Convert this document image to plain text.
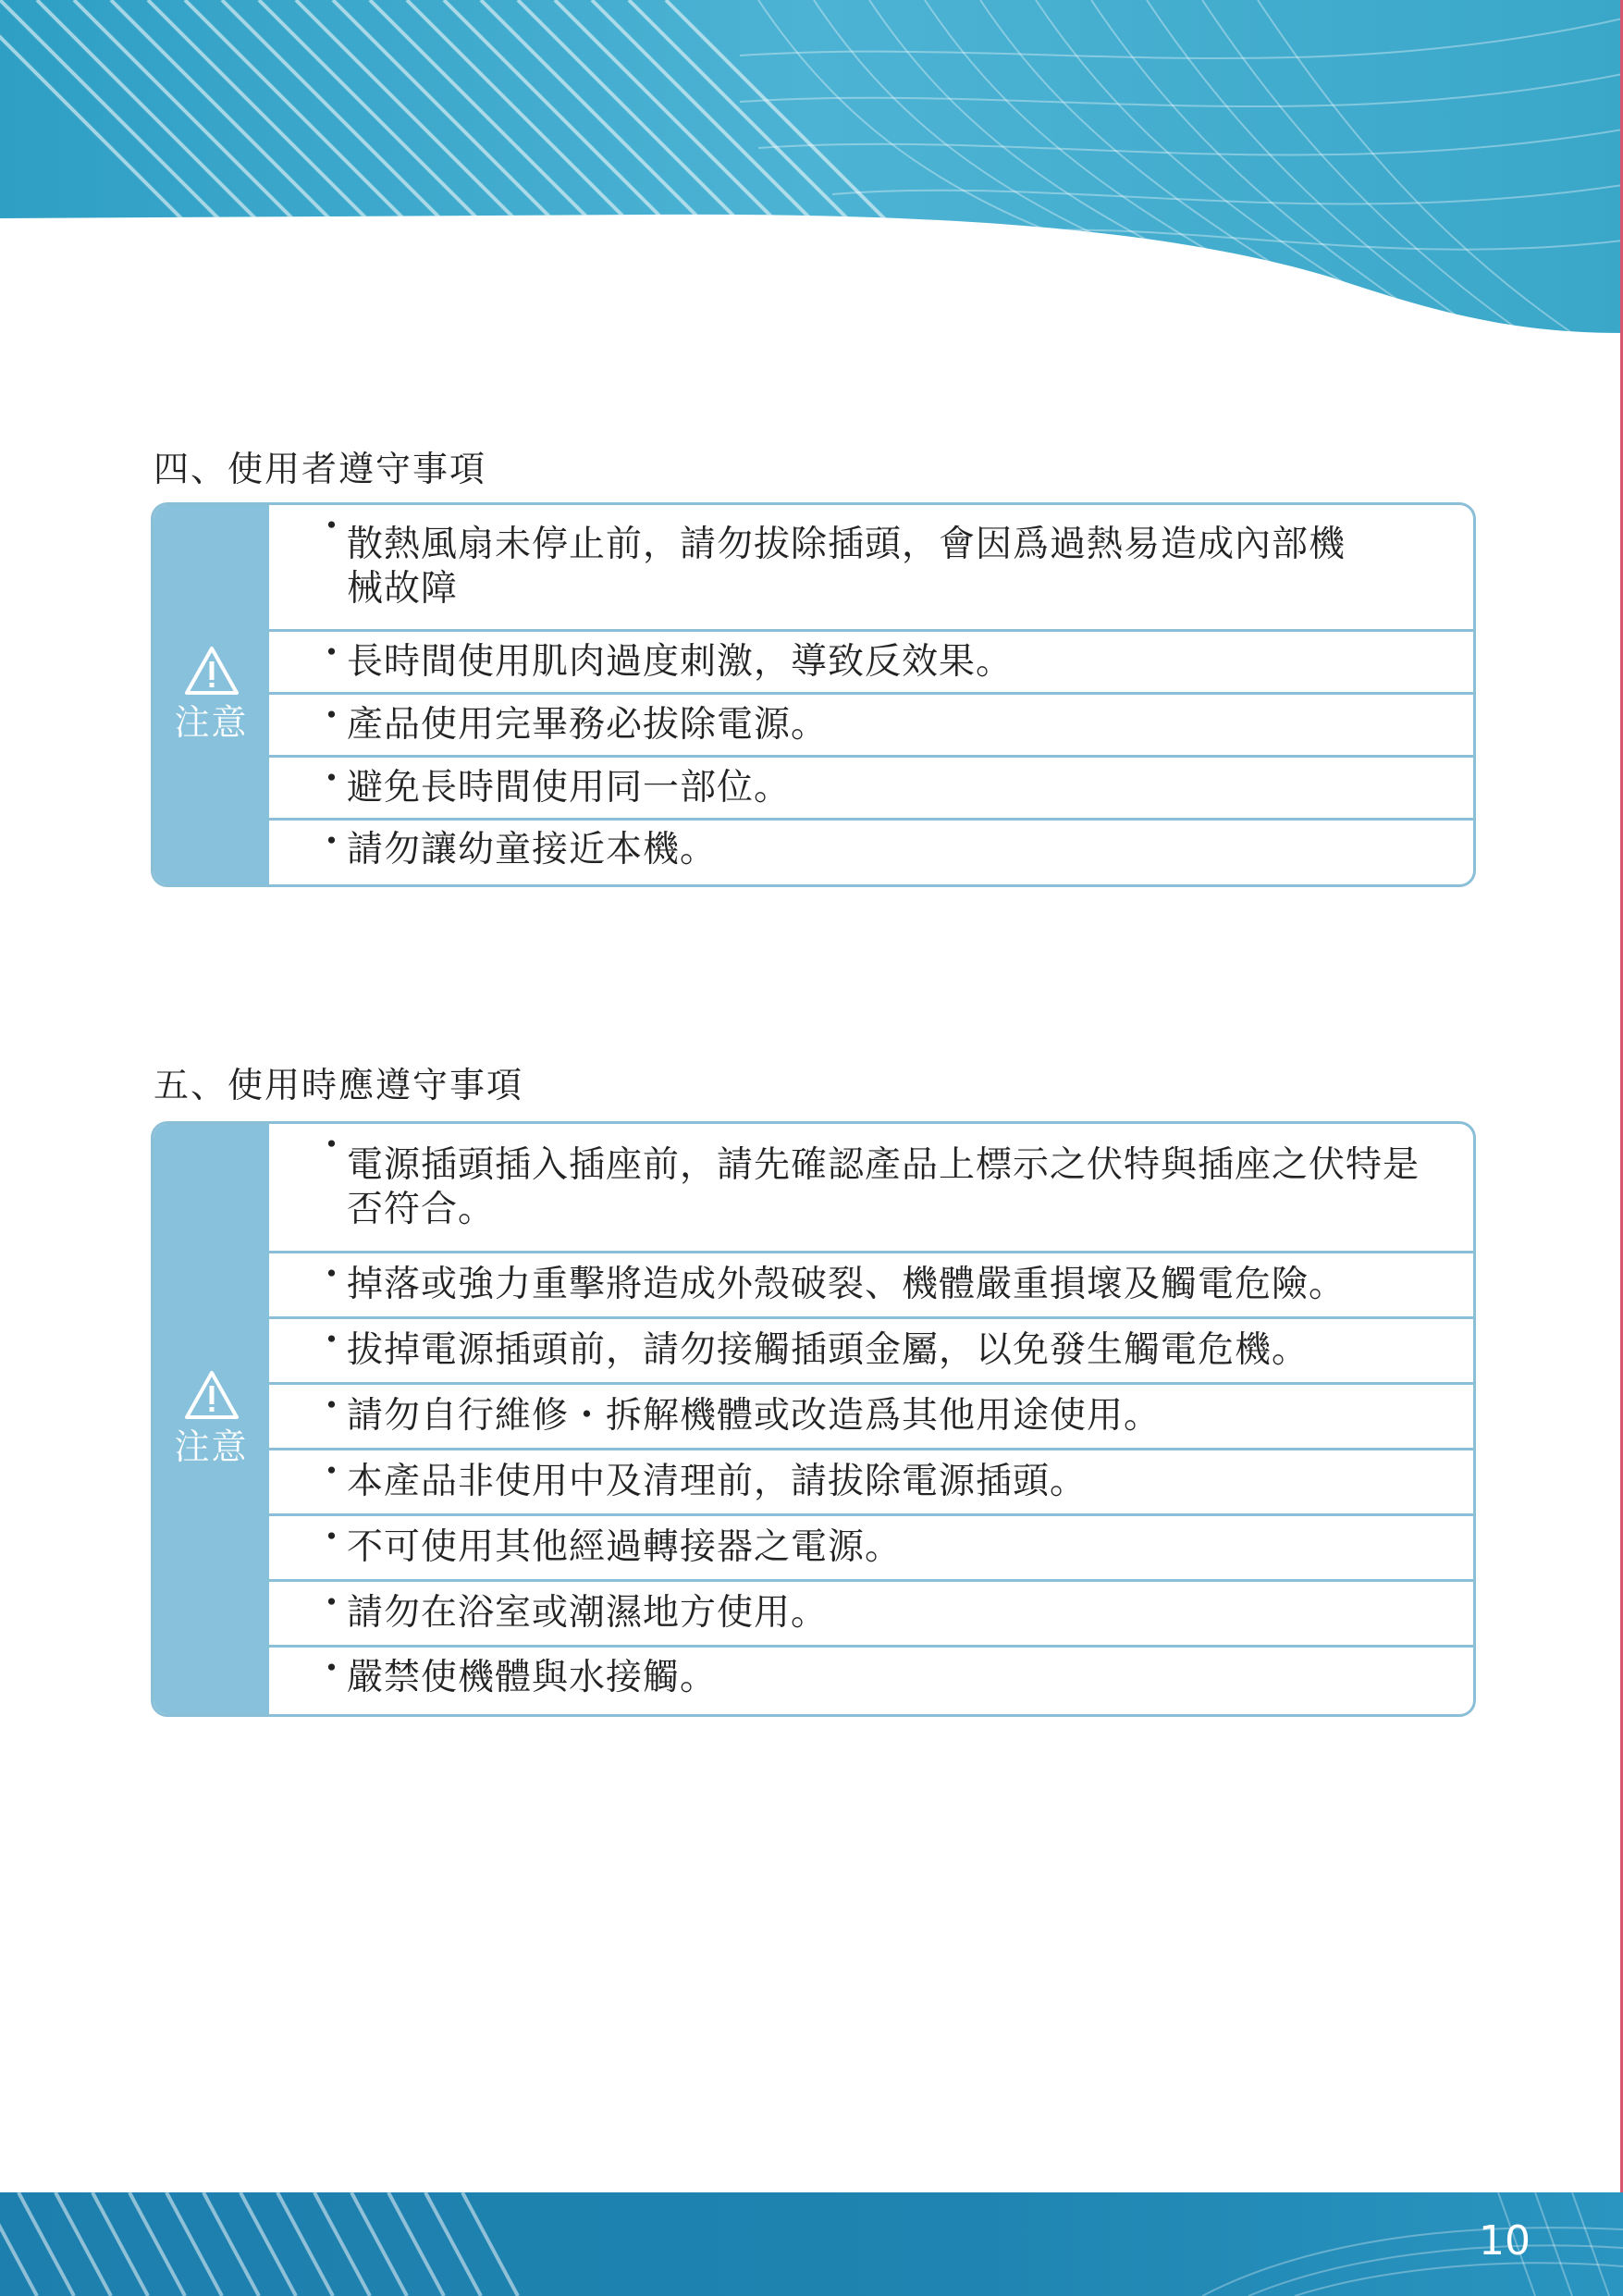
四、使用者遵守事項
注意
・
散熱風扇未停止前，請勿拔除插頭，會因爲過熱易造成內部機械故障
・
長時間使用肌肉過度刺激，導致反效果。
・
產品使用完畢務必拔除電源。
・
避免長時間使用同一部位。
・
請勿讓幼童接近本機。
五、使用時應遵守事項
注意
・
電源插頭插入插座前，請先確認產品上標示之伏特與插座之伏特是否符合。
・
掉落或強力重擊將造成外殼破裂、機體嚴重損壞及觸電危險。
・
拔掉電源插頭前，請勿接觸插頭金屬，以免發生觸電危機。
・
請勿自行維修・拆解機體或改造爲其他用途使用。
・
本產品非使用中及清理前，請拔除電源插頭。
・
不可使用其他經過轉接器之電源。
・
請勿在浴室或潮濕地方使用。
・
嚴禁使機體與水接觸。
10
